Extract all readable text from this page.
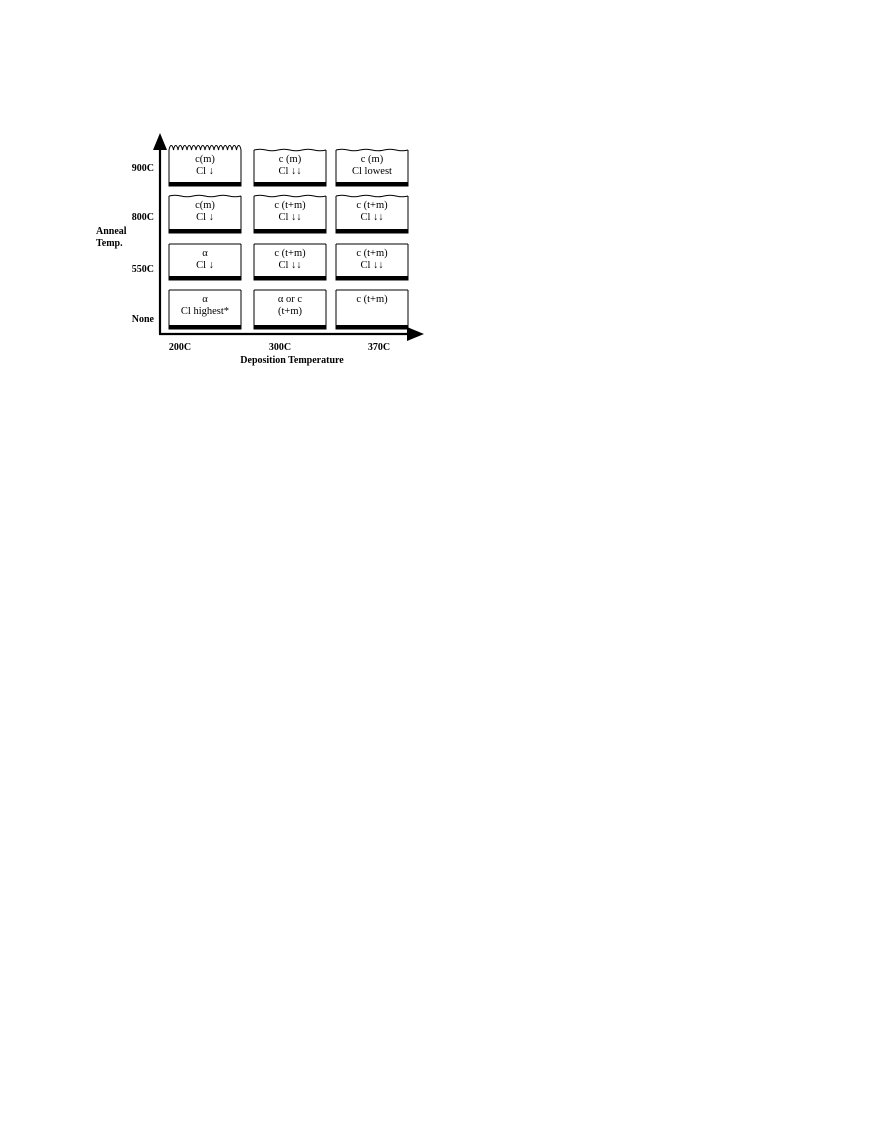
Anneal
Temp.
900C
800C
550C
None
200C	300C	370C
Deposition Temperature
c(m)
Cl ↓
c (m)
Cl ↓↓
c (m)
Cl lowest
c(m)
Cl ↓
c (t+m)
Cl ↓↓
c (t+m)
Cl ↓↓
α
Cl ↓
c (t+m)
Cl ↓↓
c (t+m)
Cl ↓↓
α
Cl highest*
α or c
(t+m)
c (t+m)
